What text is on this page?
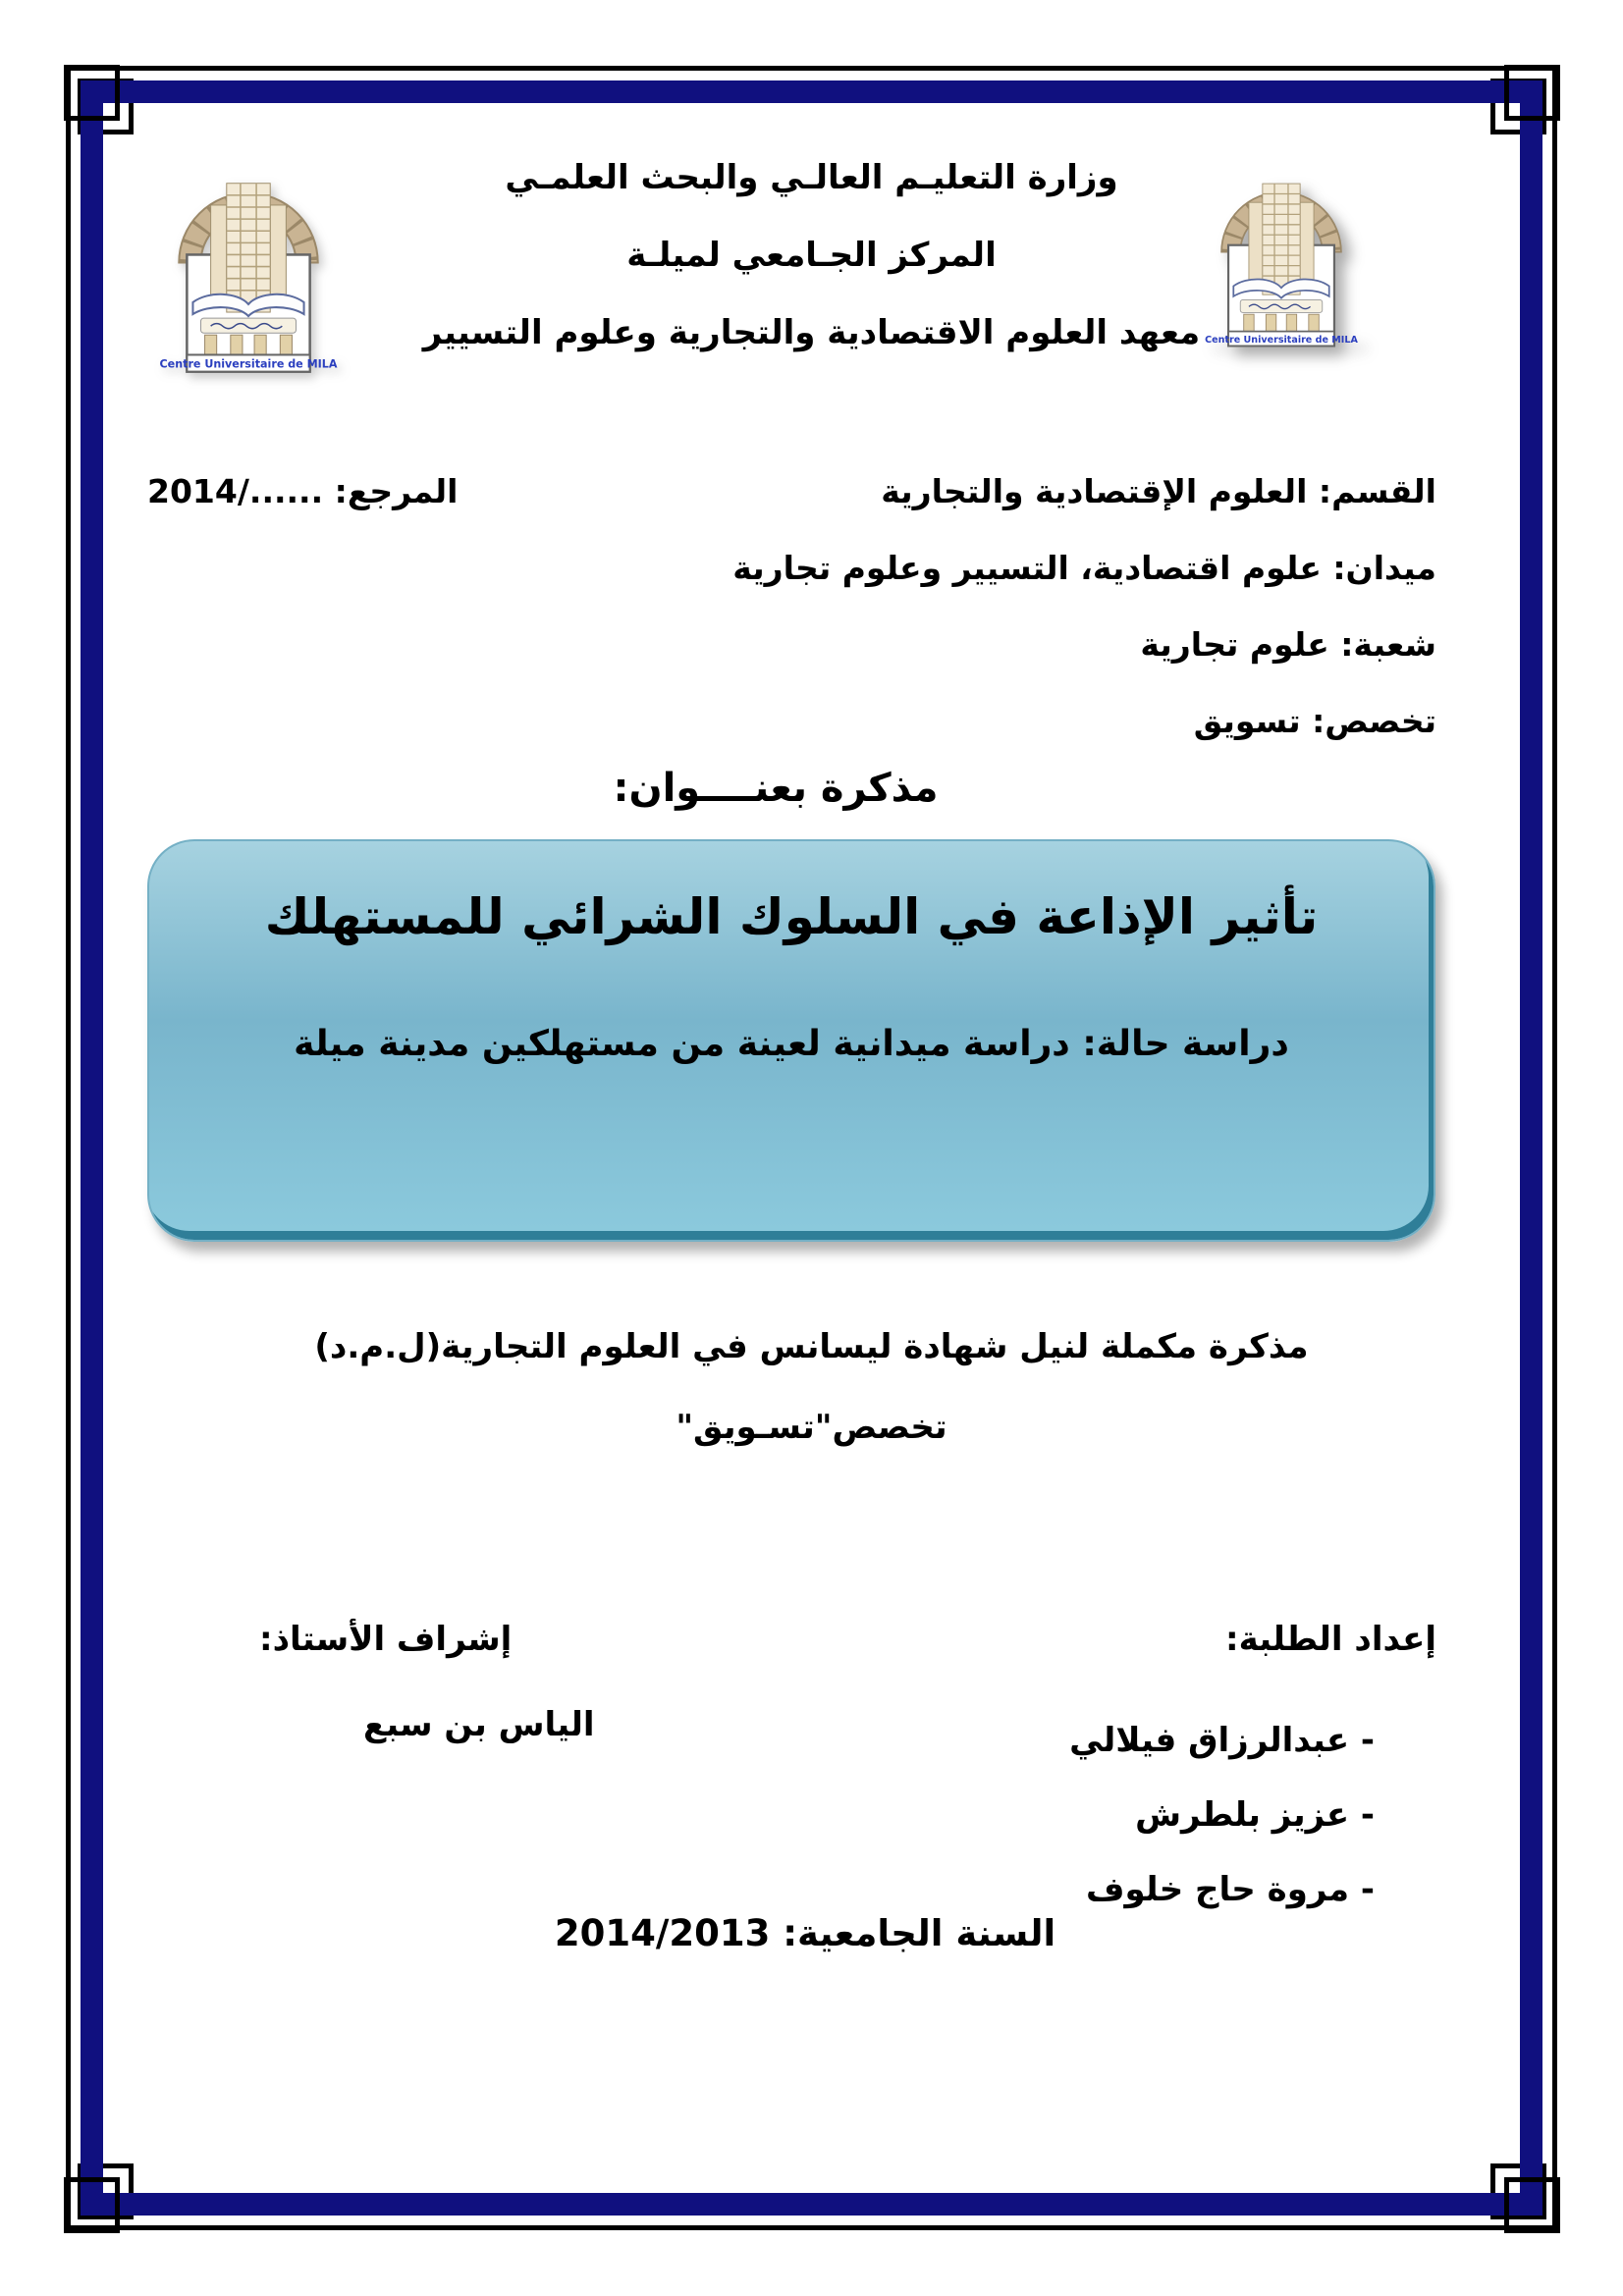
Centre Universitaire de MILA
Centre Universitaire de MILA
وزارة التعليـم العالـي والبحث العلمـي
المركز الجـامعي لميلـة
معهد العلوم الاقتصادية والتجارية وعلوم التسيير
القسم: العلوم الإقتصادية والتجارية
ميدان: علوم اقتصادية، التسيير وعلوم تجارية
شعبة: علوم تجارية
تخصص: تسويق
المرجع: ....../2014
مذكرة بعنــــوان:
تأثير الإذاعة في السلوك الشرائي للمستهلك
دراسة حالة: دراسة ميدانية لعينة من مستهلكين مدينة ميلة
مذكرة مكملة لنيل شهادة ليسانس في العلوم التجارية(ل.م.د)
تخصص"تسـويق"
إعداد الطلبة:
إشراف الأستاذ:
- عبدالرزاق فيلالي
- عزيز بلطرش
- مروة حاج خلوف
الياس بن سبع
السنة الجامعية: 2014/2013
